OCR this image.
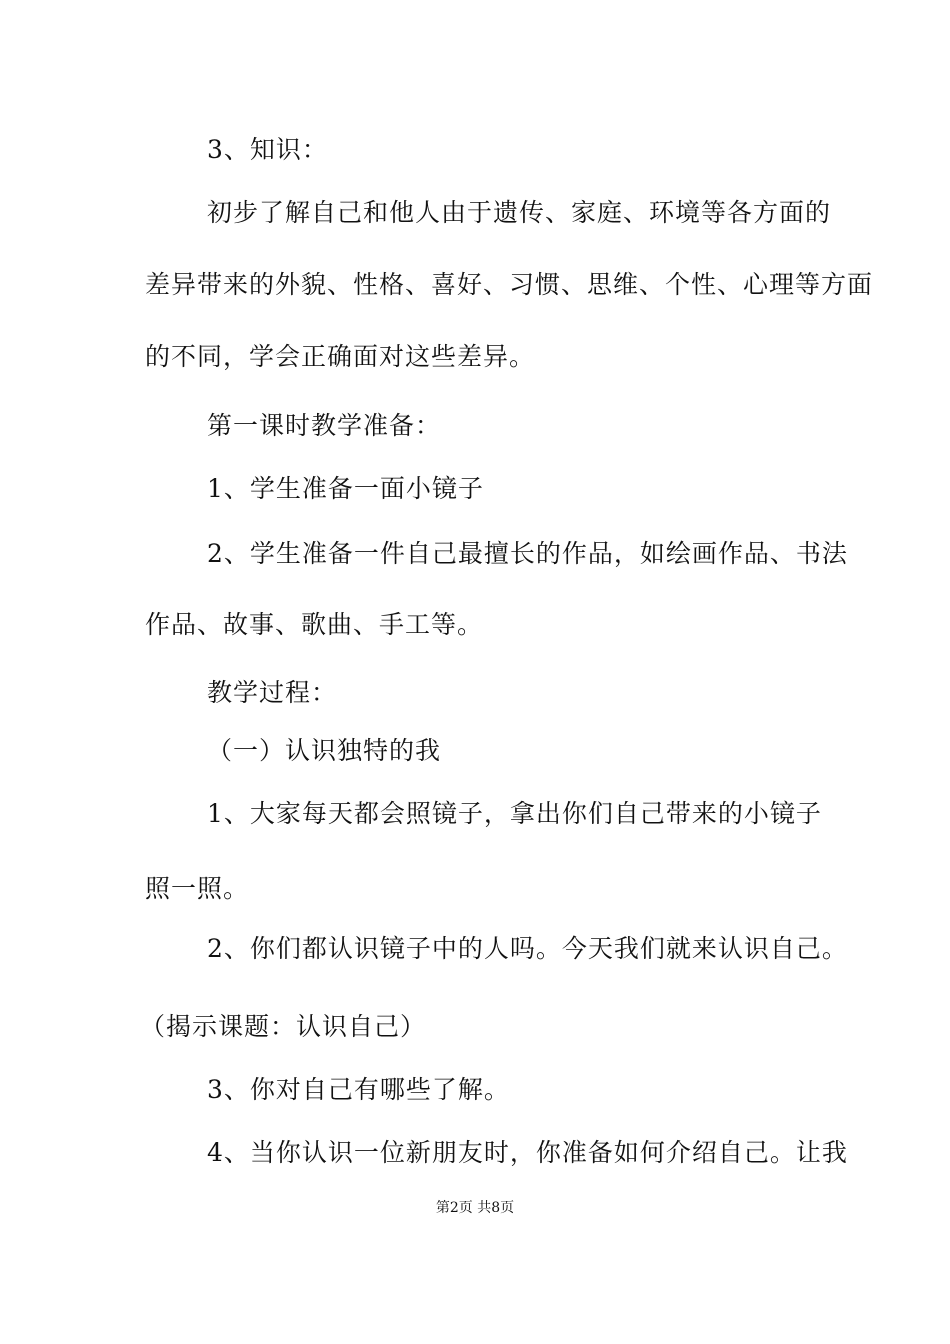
3、知识：
初步了解自己和他人由于遗传、家庭、环境等各方面的
差异带来的外貌、性格、喜好、习惯、思维、个性、心理等方面
的不同，学会正确面对这些差异。
第一课时教学准备：
1、学生准备一面小镜子
2、学生准备一件自己最擅长的作品，如绘画作品、书法
作品、故事、歌曲、手工等。
教学过程：
（一）认识独特的我
1、大家每天都会照镜子，拿出你们自己带来的小镜子
照一照。
2、你们都认识镜子中的人吗。今天我们就来认识自己。
（揭示课题：认识自己）
3、你对自己有哪些了解。
4、当你认识一位新朋友时，你准备如何介绍自己。让我
第2页 共8页
